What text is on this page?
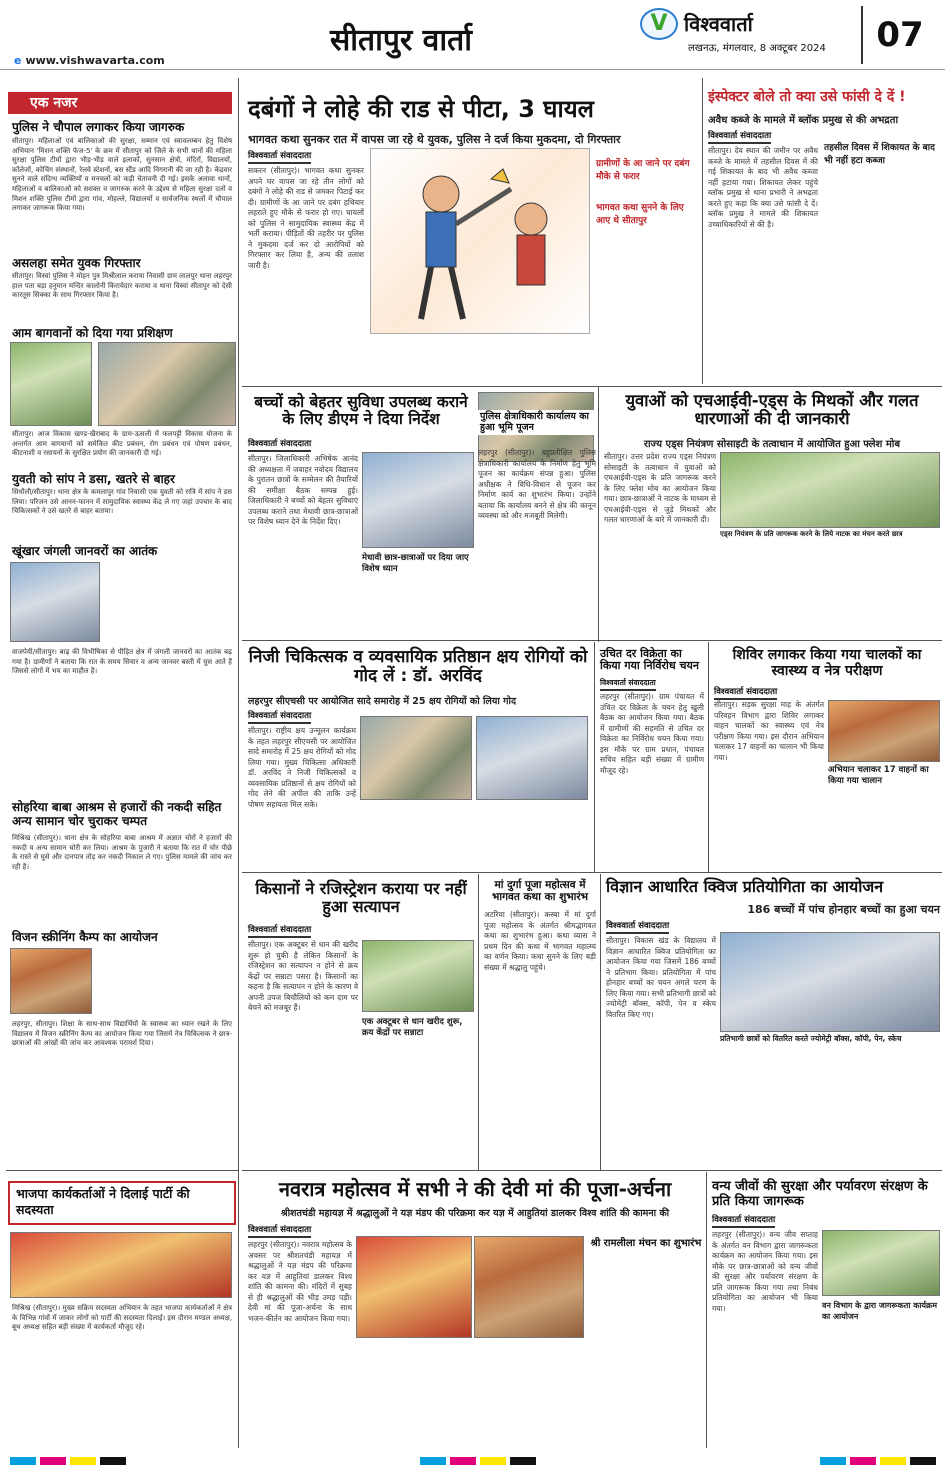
e www.vishwavarta.com
सीतापुर वार्ता	V विश्ववार्ता
लखनऊ, मंगलवार, 8 अक्टूबर 2024	07
एक नजर
पुलिस ने चौपाल लगाकर किया जागरुक
सीतापुर। महिलाओं एवं बालिकाओं की सुरक्षा, सम्मान एवं स्वावलम्बन हेतु विशेष अभियान 'मिशन शक्ति फेज-5' के क्रम में सीतापुर को जिले के सभी थानों की महिला सुरक्षा पुलिस टीमों द्वारा भीड़-भीड़ वाले इलाकों, सुनसान क्षेत्रों, मंदिरों, विद्यालयों, कॉलेजों, कोचिंग संस्थानों, रेलवे स्टेशनों, बस स्टैंड आदि निगरानी की जा रही है। केंद्रवार सुनने वाले संदिग्ध व्यक्तियों व मनचलों को कड़ी चेतावनी दी गई। इसके अलावा थानों, महिलाओं व बालिकाओं को सशक्त व जागरुक करने के उद्देश्य से महिला सुरक्षा दलों व मिशन शक्ति पुलिस टीमों द्वारा गांव, मोहल्ले, विद्यालयों व सार्वजनिक स्थलों में चौपाल लगाकर जागरूक किया गया।
असलहा समेत युवक गिरफ्तार
सीतापुर। विस्वां पुलिस ने मोहन पुत्र मिश्रीलाल कराया निवासी ग्राम लालपुर थाना लहरपुर हाल पता बड़ा हनुमान मन्दिर कालोनी किरायेदार कराया व थाना विस्वां सीतापुर को देसी कारतूस सिक्का के साथ गिरफ्तार किया है।
आम बागवानों को दिया गया प्रशिक्षण
सीतापुर। आज विकास खण्ड-खैराबाद के ग्राम-ऊसली में फलपट्टी विकास योजना के अन्तर्गत आम बागवानों को समेकित कीट प्रबंधन, रोग प्रबंधन एवं पोषण प्रबंधन, कीटनाशी व रसायनों के सुरक्षित प्रयोग की जानकारी दी गई।
युवती को सांप ने डसा, खतरे से बाहर
सिधौली/सीतापुर। थाना क्षेत्र के कमलापुर गांव निवासी एक युवती को रात्रि में सांप ने डस लिया। परिजन उसे आनन-फानन में सामुदायिक स्वास्थ्य केंद्र ले गए जहां उपचार के बाद चिकित्सकों ने उसे खतरे से बाहर बताया।
खूंखार जंगली जानवरों का आतंक
वाजपेयी/सीतापुर। बाढ़ की विभीषिका से पीड़ित क्षेत्र में जंगली जानवरों का आतंक बढ़ गया है। ग्रामीणों ने बताया कि रात के समय सियार व अन्य जानवर बस्ती में घुस आते हैं जिससे लोगों में भय का माहौल है।
सोहरिया बाबा आश्रम से हजारों की नकदी सहित अन्य सामान चोर चुराकर चम्पत
मिश्रिख (सीतापुर)। थाना क्षेत्र के सोहरिया बाबा आश्रम में अज्ञात चोरों ने हजारों की नकदी व अन्य सामान चोरी कर लिया। आश्रम के पुजारी ने बताया कि रात में चोर पीछे के रास्ते से घुसे और दानपात्र तोड़ कर नकदी निकाल ले गए। पुलिस मामले की जांच कर रही है।
विजन स्क्रीनिंग कैम्प का आयोजन
लहरपुर, सीतापुर। शिक्षा के साथ-साथ विद्यार्थियों के स्वास्थ्य का ध्यान रखने के लिए विद्यालय में विजन स्क्रीनिंग कैम्प का आयोजन किया गया जिसमें नेत्र चिकित्सक ने छात्र-छात्राओं की आंखों की जांच कर आवश्यक परामर्श दिया।
भाजपा कार्यकर्ताओं ने दिलाई पार्टी की सदस्यता
मिश्रिख (सीतापुर)। मुख्य सक्रिय सदस्यता अभियान के तहत भाजपा कार्यकर्ताओं ने क्षेत्र के विभिन्न गांवों में जाकर लोगों को पार्टी की सदस्यता दिलाई। इस दौरान मण्डल अध्यक्ष, बूथ अध्यक्ष सहित बड़ी संख्या में कार्यकर्ता मौजूद रहे।
दबंगों ने लोहे की राड से पीटा, 3 घायल
भागवत कथा सुनकर रात में वापस जा रहे थे युवक, पुलिस ने दर्ज किया मुकदमा, दो गिरफ्तार
विश्ववार्ता संवाददाता
सकरन (सीतापुर)। भागवत कथा सुनकर अपने घर वापस जा रहे तीन लोगों को दबंगों ने लोहे की राड से जमकर पिटाई कर दी। ग्रामीणों के आ जाने पर दबंग हथियार लहराते हुए मौके से फरार हो गए। घायलों को पुलिस ने सामुदायिक स्वास्थ्य केंद्र में भर्ती कराया। पीड़ितों की तहरीर पर पुलिस ने मुकदमा दर्ज कर दो आरोपियों को गिरफ्तार कर लिया है, अन्य की तलाश जारी है।
ग्रामीणों के आ जाने पर दबंग मौके से फरार
भागवत कथा सुनने के लिए आए थे सीतापुर
इंस्पेक्टर बोले तो क्या उसे फांसी दे दें !
अवैध कब्जे के मामले में ब्लॉक प्रमुख से की अभद्रता
विश्ववार्ता संवाददाता
सीतापुर। देव स्थान की जमीन पर अवैध कब्जे के मामले में तहसील दिवस में की गई शिकायत के बाद भी अवैध कब्जा नहीं हटाया गया। शिकायत लेकर पहुंचे ब्लॉक प्रमुख से थाना प्रभारी ने अभद्रता करते हुए कहा कि क्या उसे फांसी दे दें। ब्लॉक प्रमुख ने मामले की शिकायत उच्चाधिकारियों से की है।
तहसील दिवस में शिकायत के बाद भी नहीं हटा कब्जा
बच्चों को बेहतर सुविधा उपलब्ध कराने के लिए डीएम ने दिया निर्देश
विश्ववार्ता संवाददाता
सीतापुर। जिलाधिकारी अभिषेक आनंद की अध्यक्षता में जवाहर नवोदय विद्यालय के पुरातन छात्रों के सम्मेलन की तैयारियों की समीक्षा बैठक सम्पन्न हुई। जिलाधिकारी ने बच्चों को बेहतर सुविधाएं उपलब्ध कराने तथा मेधावी छात्र-छात्राओं पर विशेष ध्यान देने के निर्देश दिए।
मेधावी छात्र-छात्राओं पर दिया जाए विशेष ध्यान
पुलिस क्षेत्राधिकारी कार्यालय का हुआ भूमि पूजन
लहरपुर (सीतापुर)। बहुप्रतीक्षित पुलिस क्षेत्राधिकारी कार्यालय के निर्माण हेतु भूमि पूजन का कार्यक्रम संपन्न हुआ। पुलिस अधीक्षक ने विधि-विधान से पूजन कर निर्माण कार्य का शुभारंभ किया। उन्होंने बताया कि कार्यालय बनने से क्षेत्र की कानून व्यवस्था को और मजबूती मिलेगी।
युवाओं को एचआईवी-एड्स के मिथकों और गलत धारणाओं की दी जानकारी
राज्य एड्स नियंत्रण सोसाइटी के तत्वाधान में आयोजित हुआ फ्लेश मोब
सीतापुर। उत्तर प्रदेश राज्य एड्स नियंत्रण सोसाइटी के तत्वाधान में युवाओं को एचआईवी-एड्स के प्रति जागरूक करने के लिए फ्लेश मोब का आयोजन किया गया। छात्र-छात्राओं ने नाटक के माध्यम से एचआईवी-एड्स से जुड़े मिथकों और गलत धारणाओं के बारे में जानकारी दी।
एड्स नियंत्रण के प्रति जागरूक करने के लिये नाटक का मंचन करते छात्र
निजी चिकित्सक व व्यवसायिक प्रतिष्ठान क्षय रोगियों को गोद लें : डॉ. अरविंद
लहरपुर सीएचसी पर आयोजित सादे समारोह में 25 क्षय रोगियों को लिया गोद
विश्ववार्ता संवाददाता
सीतापुर। राष्ट्रीय क्षय उन्मूलन कार्यक्रम के तहत लहरपुर सीएचसी पर आयोजित सादे समारोह में 25 क्षय रोगियों को गोद लिया गया। मुख्य चिकित्सा अधिकारी डॉ. अरविंद ने निजी चिकित्सकों व व्यवसायिक प्रतिष्ठानों से क्षय रोगियों को गोद लेने की अपील की ताकि उन्हें पोषण सहायता मिल सके।
उचित दर विक्रेता का किया गया निर्विरोध चयन
विश्ववार्ता संवाददाता
लहरपुर (सीतापुर)। ग्राम पंचायत में उचित दर विक्रेता के चयन हेतु खुली बैठक का आयोजन किया गया। बैठक में ग्रामीणों की सहमति से उचित दर विक्रेता का निर्विरोध चयन किया गया। इस मौके पर ग्राम प्रधान, पंचायत सचिव सहित बड़ी संख्या में ग्रामीण मौजूद रहे।
शिविर लगाकर किया गया चालकों का स्वास्थ्य व नेत्र परीक्षण
विश्ववार्ता संवाददाता
सीतापुर। सड़क सुरक्षा माह के अंतर्गत परिवहन विभाग द्वारा शिविर लगाकर वाहन चालकों का स्वास्थ्य एवं नेत्र परीक्षण किया गया। इस दौरान अभियान चलाकर 17 वाहनों का चालान भी किया गया।
अभियान चलाकर 17 वाहनों का किया गया चालान
किसानों ने रजिस्ट्रेशन कराया पर नहीं हुआ सत्यापन
विश्ववार्ता संवाददाता
सीतापुर। एक अक्टूबर से धान की खरीद शुरू हो चुकी है लेकिन किसानों के रजिस्ट्रेशन का सत्यापन न होने से क्रय केंद्रों पर सन्नाटा पसरा है। किसानों का कहना है कि सत्यापन न होने के कारण वे अपनी उपज बिचौलियों को कम दाम पर बेचने को मजबूर हैं।
एक अक्टूबर से धान खरीद शुरू, क्रय केंद्रों पर सन्नाटा
मां दुर्गा पूजा महोत्सव में भागवत कथा का शुभारंभ
अटरिया (सीतापुर)। कस्बा में मां दुर्गा पूजा महोत्सव के अंतर्गत श्रीमद्भागवत कथा का शुभारंभ हुआ। कथा व्यास ने प्रथम दिन की कथा में भागवत महात्म्य का वर्णन किया। कथा सुनने के लिए बड़ी संख्या में श्रद्धालु पहुंचे।
विज्ञान आधारित क्विज प्रतियोगिता का आयोजन
186 बच्चों में पांच होनहार बच्चों का हुआ चयन
विश्ववार्ता संवाददाता
सीतापुर। विकास खंड के विद्यालय में विज्ञान आधारित क्विज प्रतियोगिता का आयोजन किया गया जिसमें 186 बच्चों ने प्रतिभाग किया। प्रतियोगिता में पांच होनहार बच्चों का चयन अगले चरण के लिए किया गया। सभी प्रतिभागी छात्रों को ज्योमेट्री बॉक्स, कॉपी, पेन व स्केच वितरित किए गए।
प्रतिभागी छात्रों को वितरित करते ज्योमेट्री बॉक्स, कॉपी, पेन, स्केच
नवरात्र महोत्सव में सभी ने की देवी मां की पूजा-अर्चना
श्रीशतचंडी महायज्ञ में श्रद्धालुओं ने यज्ञ मंडप की परिक्रमा कर यज्ञ में आहुतियां डालकर विश्व शांति की कामना की
विश्ववार्ता संवाददाता
लहरपुर (सीतापुर)। नवरात्र महोत्सव के अवसर पर श्रीशतचंडी महायज्ञ में श्रद्धालुओं ने यज्ञ मंडप की परिक्रमा कर यज्ञ में आहुतियां डालकर विश्व शांति की कामना की। मंदिरों में सुबह से ही श्रद्धालुओं की भीड़ उमड़ पड़ी। देवी मां की पूजा-अर्चना के साथ भजन-कीर्तन का आयोजन किया गया।
श्री रामलीला मंचन का शुभारंभ
वन्य जीवों की सुरक्षा और पर्यावरण संरक्षण के प्रति किया जागरूक
विश्ववार्ता संवाददाता
लहरपुर (सीतापुर)। वन्य जीव सप्ताह के अंतर्गत वन विभाग द्वारा जागरूकता कार्यक्रम का आयोजन किया गया। इस मौके पर छात्र-छात्राओं को वन्य जीवों की सुरक्षा और पर्यावरण संरक्षण के प्रति जागरूक किया गया तथा निबंध प्रतियोगिता का आयोजन भी किया गया।	वन विभाग के द्वारा जागरूकता कार्यक्रम का आयोजन
